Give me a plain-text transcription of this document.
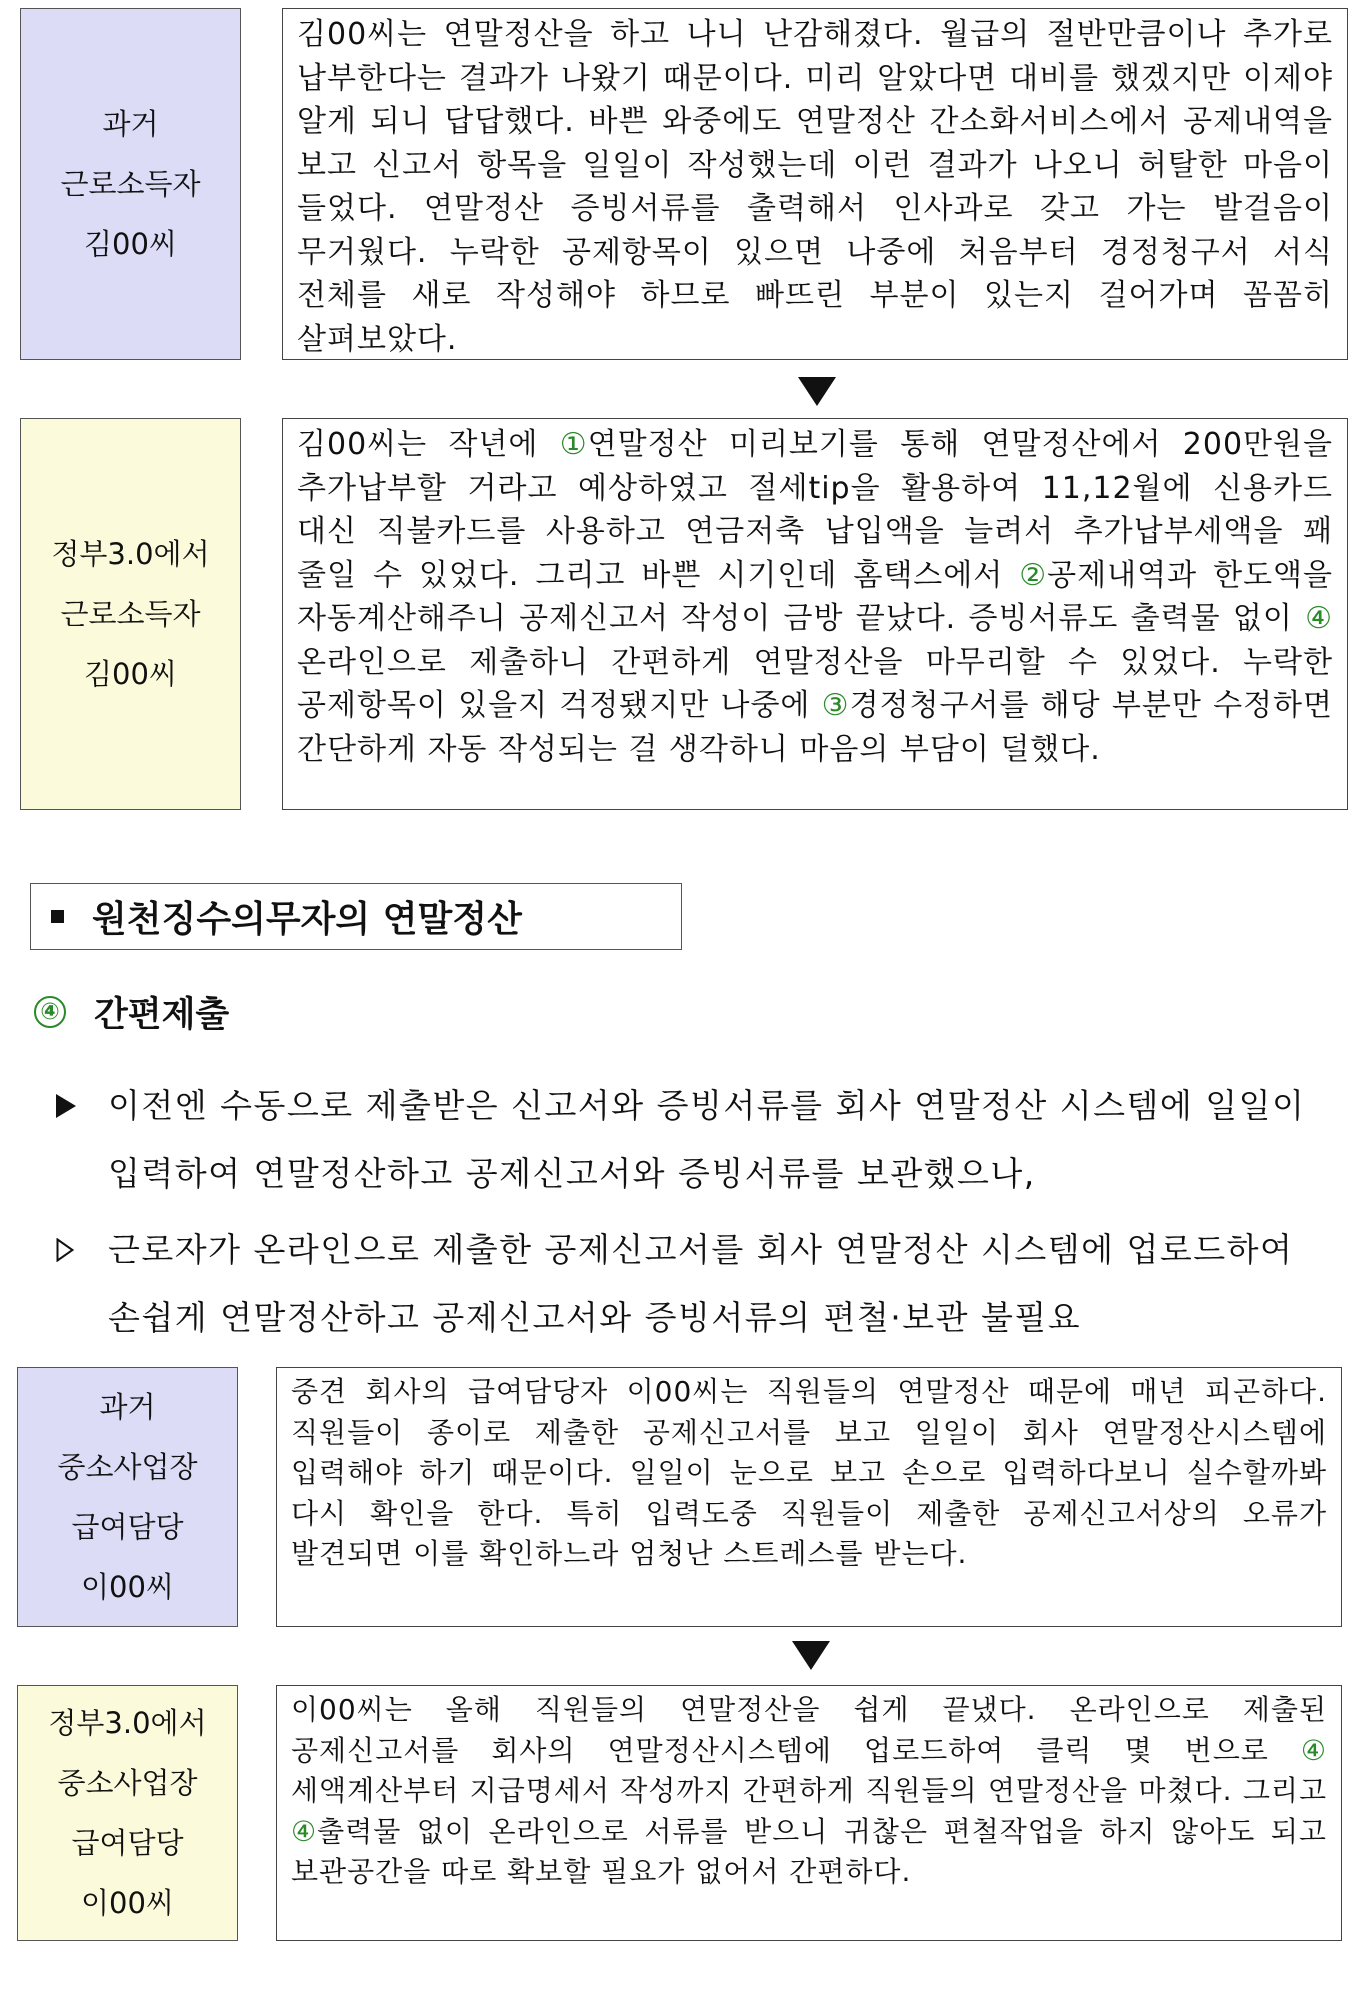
과거
근로소득자
김00씨
김00씨는 연말정산을 하고 나니 난감해졌다. 월급의 절반만큼이나 추가로 납부한다는 결과가 나왔기 때문이다. 미리 알았다면 대비를 했겠지만 이제야 알게 되니 답답했다. 바쁜 와중에도 연말정산 간소화서비스에서 공제내역을 보고 신고서 항목을 일일이 작성했는데 이런 결과가 나오니 허탈한 마음이 들었다. 연말정산 증빙서류를 출력해서 인사과로 갖고 가는 발걸음이 무거웠다. 누락한 공제항목이 있으면 나중에 처음부터 경정청구서 서식 전체를 새로 작성해야 하므로 빠뜨린 부분이 있는지 걸어가며 꼼꼼히 살펴보았다.
정부3.0에서
근로소득자
김00씨
김00씨는 작년에 ①연말정산 미리보기를 통해 연말정산에서 200만원을 추가납부할 거라고 예상하였고 절세tip을 활용하여 11,12월에 신용카드 대신 직불카드를 사용하고 연금저축 납입액을 늘려서 추가납부세액을 꽤 줄일 수 있었다. 그리고 바쁜 시기인데 홈택스에서 ②공제내역과 한도액을 자동계산해주니 공제신고서 작성이 금방 끝났다. 증빙서류도 출력물 없이 ④온라인으로 제출하니 간편하게 연말정산을 마무리할 수 있었다. 누락한 공제항목이 있을지 걱정됐지만 나중에 ③경정청구서를 해당 부분만 수정하면 간단하게 자동 작성되는 걸 생각하니 마음의 부담이 덜했다.
원천징수의무자의 연말정산
④ 간편제출
이전엔 수동으로 제출받은 신고서와 증빙서류를 회사 연말정산 시스템에 일일이 입력하여 연말정산하고 공제신고서와 증빙서류를 보관했으나,
근로자가 온라인으로 제출한 공제신고서를 회사 연말정산 시스템에 업로드하여 손쉽게 연말정산하고 공제신고서와 증빙서류의 편철·보관 불필요
과거
중소사업장
급여담당
이00씨
중견 회사의 급여담당자 이00씨는 직원들의 연말정산 때문에 매년 피곤하다. 직원들이 종이로 제출한 공제신고서를 보고 일일이 회사 연말정산시스템에 입력해야 하기 때문이다. 일일이 눈으로 보고 손으로 입력하다보니 실수할까봐 다시 확인을 한다. 특히 입력도중 직원들이 제출한 공제신고서상의 오류가 발견되면 이를 확인하느라 엄청난 스트레스를 받는다.
정부3.0에서
중소사업장
급여담당
이00씨
이00씨는 올해 직원들의 연말정산을 쉽게 끝냈다. 온라인으로 제출된 공제신고서를 회사의 연말정산시스템에 업로드하여 클릭 몇 번으로 ④세액계산부터 지급명세서 작성까지 간편하게 직원들의 연말정산을 마쳤다. 그리고 ④출력물 없이 온라인으로 서류를 받으니 귀찮은 편철작업을 하지 않아도 되고 보관공간을 따로 확보할 필요가 없어서 간편하다.
